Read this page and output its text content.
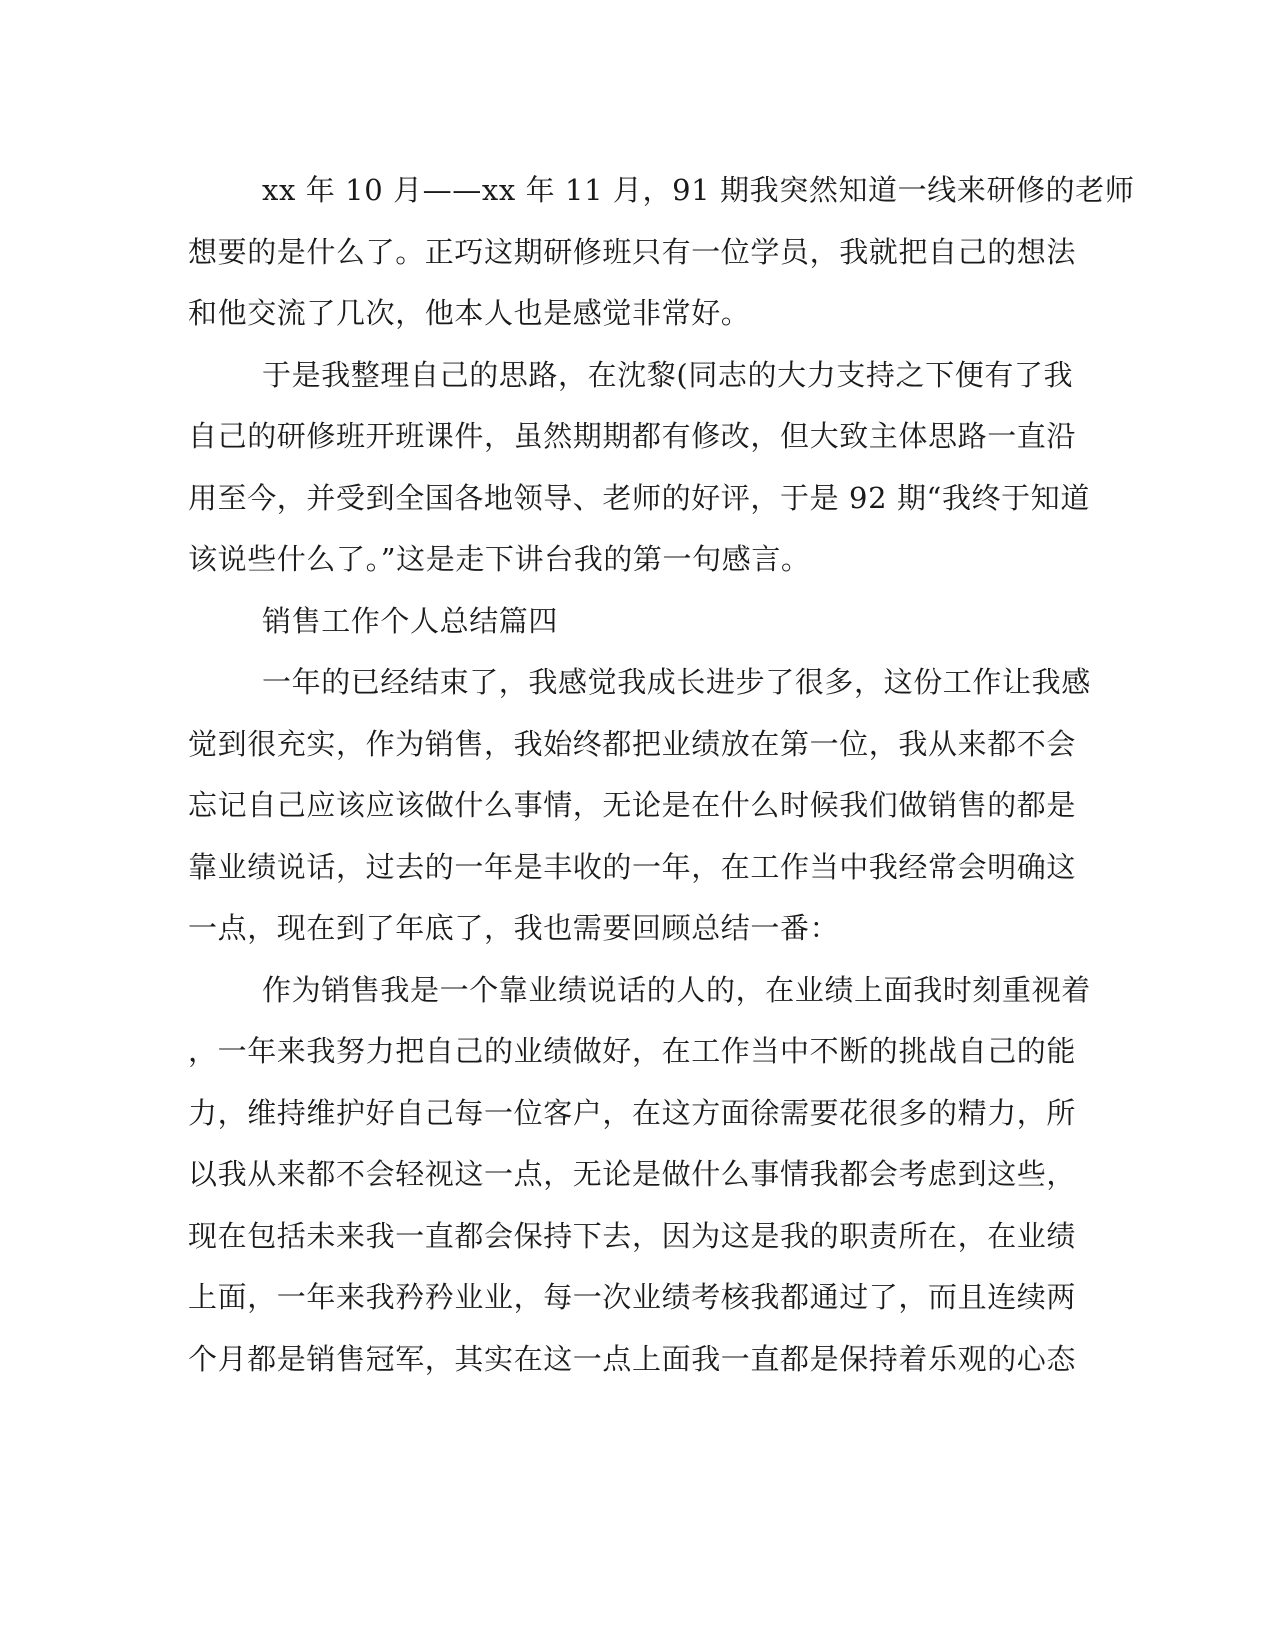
xx 年 10 月——xx 年 11 月，91 期我突然知道一线来研修的老师
想要的是什么了。正巧这期研修班只有一位学员，我就把自己的想法
和他交流了几次，他本人也是感觉非常好。
于是我整理自己的思路，在沈黎(同志的大力支持之下便有了我
自己的研修班开班课件，虽然期期都有修改，但大致主体思路一直沿
用至今，并受到全国各地领导、老师的好评，于是 92 期“我终于知道
该说些什么了。”这是走下讲台我的第一句感言。
销售工作个人总结篇四
一年的已经结束了，我感觉我成长进步了很多，这份工作让我感
觉到很充实，作为销售，我始终都把业绩放在第一位，我从来都不会
忘记自己应该应该做什么事情，无论是在什么时候我们做销售的都是
靠业绩说话，过去的一年是丰收的一年，在工作当中我经常会明确这
一点，现在到了年底了，我也需要回顾总结一番：
作为销售我是一个靠业绩说话的人的，在业绩上面我时刻重视着
，一年来我努力把自己的业绩做好，在工作当中不断的挑战自己的能
力，维持维护好自己每一位客户，在这方面徐需要花很多的精力，所
以我从来都不会轻视这一点，无论是做什么事情我都会考虑到这些，
现在包括未来我一直都会保持下去，因为这是我的职责所在，在业绩
上面，一年来我矜矜业业，每一次业绩考核我都通过了，而且连续两
个月都是销售冠军，其实在这一点上面我一直都是保持着乐观的心态
